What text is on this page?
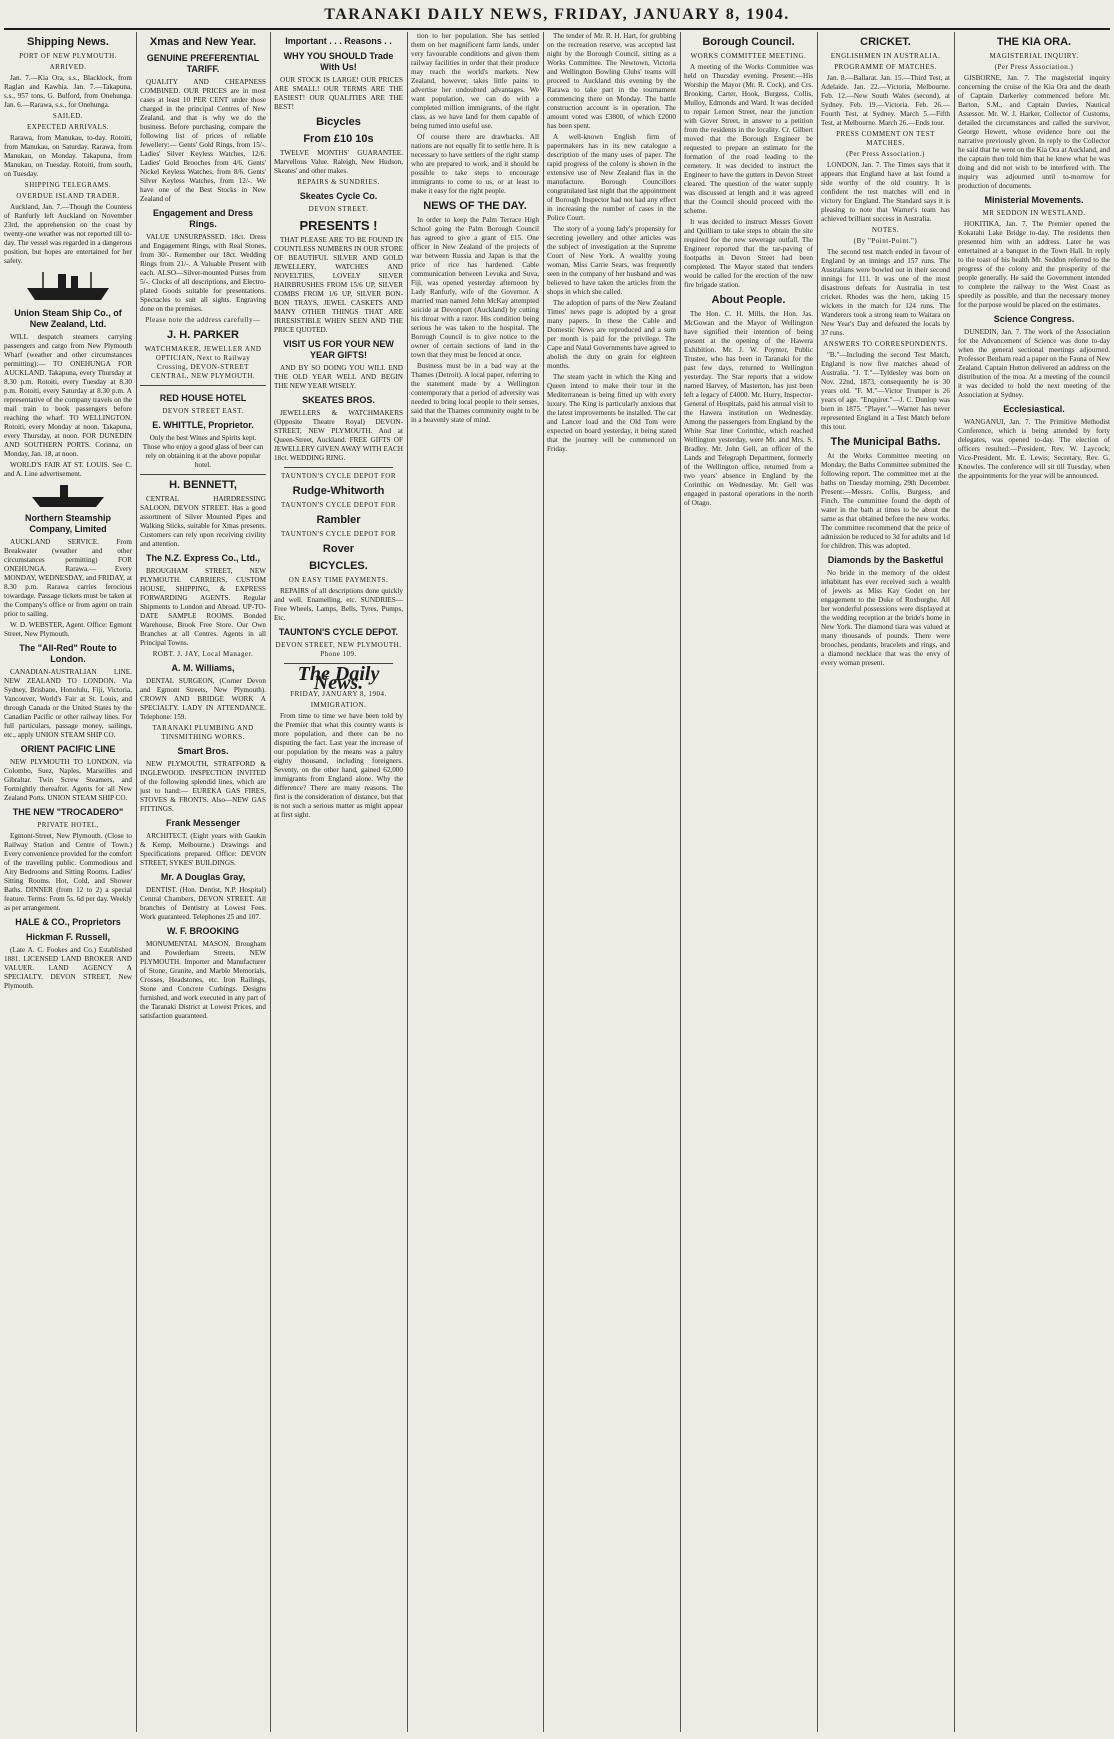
TARANAKI DAILY NEWS, FRIDAY, JANUARY 8, 1904.
Shipping News.
PORT OF NEW PLYMOUTH.
ARRIVED.

Jan. 7.—Kia Ora, s.s., Blacklock, from Raglan and Kawhia. Jan. 7.—Takapuna, s.s., 957 tons, G. Bulford, from Onehunga. Jan. 6.—Rarawa, s.s., for Onehunga.

SAILED.
EXPECTED ARRIVALS.

Rarawa, from Manukau, to-day. Rotoiti, from Manukau, on Saturday. Rarawa, from Manukau, on Monday. Takapuna, from Manukau, on Tuesday. Rotoiti, from south, on Tuesday.

SHIPPING TELEGRAMS.
OVERDUE ISLAND TRADER.

Auckland, Jan. 7.—Though the Countess of Ranfurly left Auckland on November 23rd, the apprehension on the coast by twenty-one weather was not reported till to-day. The vessel was regarded in a dangerous position, but hopes are entertained for her safety.

Union Steam Ship Co., of New Zealand, Ltd.

WILL despatch steamers carrying passengers and cargo from New Plymouth Wharf (weather and other circumstances permitting):— TO ONEHUNGA FOR AUCKLAND. Takapuna, every Thursday at 8.30 p.m. Rotoiti, every Tuesday at 8.30 p.m. Rotoiti, every Saturday at 8.30 p.m. A representative of the company travels on the mail train to book passengers before reaching the wharf. TO WELLINGTON. Rotoiti, every Monday at noon. Takapuna, every Thursday, at noon. FOR DUNEDIN AND SOUTHERN PORTS. Corinna, on Monday, Jan. 18, at noon.

WORLD'S FAIR AT ST. LOUIS. See C. and A. Line advertisement.

Northern Steamship Company, Limited

AUCKLAND SERVICE. From Breakwater (weather and other circumstances permitting) FOR ONEHUNGA. Rarawa.— Every MONDAY, WEDNESDAY, and FRIDAY, at 8.30 p.m. Rarawa carries ferocious towardage. Passage tickets must be taken at the Company's office or from agent on train prior to sailing.

W. D. WEBSTER, Agent. Office: Egmont Street, New Plymouth.

The "All-Red" Route to London.

CANADIAN-AUSTRALIAN LINE. NEW ZEALAND TO LONDON. Via Sydney, Brisbane, Honolulu, Fiji, Victoria, Vancouver, World's Fair at St. Louis, and through Canada or the United States by the Canadian Pacific or other railway lines. For full particulars, passage money, sailings, etc., apply UNION STEAM SHIP CO.

ORIENT PACIFIC LINE

NEW PLYMOUTH TO LONDON, via Colombo, Suez, Naples, Marseilles and Gibraltar. Twin Screw Steamers, and Fortnightly thereafter. Agents for all New Zealand Ports. UNION STEAM SHIP CO.

THE NEW "TROCADERO"
PRIVATE HOTEL,

Egmont-Street, New Plymouth. (Close to Railway Station and Centre of Town.) Every convenience provided for the comfort of the travelling public. Commodious and Airy Bedrooms and Sitting Rooms. Ladies' Sitting Rooms. Hot, Cold, and Shower Baths. DINNER (from 12 to 2) a special feature. Terms: From 5s. 6d per day. Weekly as per arrangement.

HALE & CO., Proprietors
Hickman F. Russell,

(Late A. C. Fookes and Co.) Established 1881. LICENSED LAND BROKER AND VALUER. LAND AGENCY A SPECIALTY. DEVON STREET, New Plymouth.

Xmas and New Year.
GENUINE PREFERENTIAL TARIFF.

QUALITY AND CHEAPNESS COMBINED. OUR PRICES are in most cases at least 10 PER CENT under those charged in the principal Centres of New Zealand, and that is why we do the business. Before purchasing, compare the following list of prices of reliable Jewellery:— Gents' Gold Rings, from 15/-. Ladies' Silver Keyless Watches, 12/6. Ladies' Gold Brooches from 4/6. Gents' Nickel Keyless Watches, from 8/6. Gents' Silver Keyless Watches, from 12/-. We have one of the Best Stocks in New Zealand of

Engagement and Dress Rings.

VALUE UNSURPASSED. 18ct. Dress and Engagement Rings, with Real Stones, from 30/-. Remember our 18ct. Wedding Rings from 21/-. A Valuable Present with each. ALSO—Silver-mounted Purses from 5/-. Clocks of all descriptions, and Electro-plated Goods suitable for presentations. Spectacles to suit all sights. Engraving done on the premises.

Please note the address carefully—
J. H. PARKER
WATCHMAKER, JEWELLER AND OPTICIAN, Next to Railway Crossing, DEVON-STREET CENTRAL, NEW PLYMOUTH.
RED HOUSE HOTEL
DEVON STREET EAST.
E. WHITTLE, Proprietor.
Only the best Wines and Spirits kept. Those who enjoy a good glass of beer can rely on obtaining it at the above popular hotel.
H. BENNETT,

CENTRAL HAIRDRESSING SALOON, DEVON STREET. Has a good assortment of Silver Mounted Pipes and Walking Sticks, suitable for Xmas presents. Customers can rely upon receiving civility and attention.

The N.Z. Express Co., Ltd.,

BROUGHAM STREET, NEW PLYMOUTH. CARRIERS, CUSTOM HOUSE, SHIPPING, & EXPRESS FORWARDING AGENTS. Regular Shipments to London and Abroad. UP-TO-DATE SAMPLE ROOMS. Bonded Warehouse, Brook Free Store. Our Own Branches at all Centres. Agents in all Principal Towns.

ROBT. J. JAY, Local Manager.
A. M. Williams,

DENTAL SURGEON, (Corner Devon and Egmont Streets, New Plymouth). CROWN AND BRIDGE WORK A SPECIALTY. LADY IN ATTENDANCE. Telephone: 159.

TARANAKI PLUMBING AND TINSMITHING WORKS.
Smart Bros.

NEW PLYMOUTH, STRATFORD & INGLEWOOD. INSPECTION INVITED of the following splendid lines, which are just to hand:— EUREKA GAS FIRES, STOVES & FRONTS. Also—NEW GAS FITTINGS.

Frank Messenger

ARCHITECT. (Eight years with Gaukin & Kemp, Melbourne.) Drawings and Specifications prepared. Office: DEVON STREET, SYKES' BUILDINGS.

Mr. A Douglas Gray,

DENTIST. (Hon. Dentist, N.P. Hospital) Central Chambers, DEVON STREET. All branches of Dentistry at Lowest Fees. Work guaranteed. Telephones 25 and 107.

W. F. BROOKING

MONUMENTAL MASON, Brougham and Powderham Streets, NEW PLYMOUTH. Importer and Manufacturer of Stone, Granite, and Marble Memorials, Crosses, Headstones, etc. Iron Railings, Stone and Concrete Curbings. Designs furnished, and work executed in any part of the Taranaki District at Lowest Prices, and satisfaction guaranteed.

Important . . . Reasons . .
WHY YOU SHOULD Trade With Us!

OUR STOCK IS LARGE! OUR PRICES ARE SMALL! OUR TERMS ARE THE EASIEST! OUR QUALITIES ARE THE BEST!

Bicycles
From £10 10s

TWELVE MONTHS' GUARANTEE. Marvellous Value. Raleigh, New Hudson, Skeates' and other makes.

REPAIRS & SUNDRIES.
Skeates Cycle Co.
DEVON STREET.
PRESENTS !

THAT PLEASE ARE TO BE FOUND IN COUNTLESS NUMBERS IN OUR STORE OF BEAUTIFUL SILVER AND GOLD JEWELLERY, WATCHES AND NOVELTIES, LOVELY SILVER HAIRBRUSHES FROM 15/6 UP, SILVER COMBS FROM 1/6 UP, SILVER BON-BON TRAYS, JEWEL CASKETS AND MANY OTHER THINGS THAT ARE IRRESISTIBLE WHEN SEEN AND THE PRICE QUOTED.

VISIT US FOR YOUR NEW YEAR GIFTS!

AND BY SO DOING YOU WILL END THE OLD YEAR WELL AND BEGIN THE NEW YEAR WISELY.

SKEATES BROS.

JEWELLERS & WATCHMAKERS (Opposite Theatre Royal) DEVON-STREET, NEW PLYMOUTH. And at Queen-Street, Auckland. FREE GIFTS OF JEWELLERY GIVEN AWAY WITH EACH 18ct. WEDDING RING.

TAUNTON'S CYCLE DEPOT FOR
Rudge-Whitworth
TAUNTON'S CYCLE DEPOT FOR
Rambler
TAUNTON'S CYCLE DEPOT FOR
Rover
BICYCLES.
ON EASY TIME PAYMENTS.

REPAIRS of all descriptions done quickly and well. Enamelling, etc. SUNDRIES—Free Wheels, Lamps, Bells, Tyres, Pumps, Etc.

TAUNTON'S CYCLE DEPOT.
DEVON STREET, NEW PLYMOUTH. Phone 109.
The Daily News.
FRIDAY, JANUARY 8, 1904.
IMMIGRATION.

From time to time we have been told by the Premier that what this country wants is more population, and there can be no disputing the fact. Last year the increase of our population by the means was a paltry eighty thousand, including foreigners. Seventy, on the other hand, gained 62,000 immigrants from England alone. Why the difference? There are many reasons. The first is the consideration of distance, but that is not such a serious matter as might appear at first sight.

tion to her population. She has settled them on her magnificent farm lands, under very favourable conditions and given them railway facilities in order that their produce may reach the world's markets. New Zealand, however, takes little pains to advertise her undoubted advantages. We want population, we can do with a completed million immigrants, of the right class, as we have land for them capable of being turned into useful use.

Of course there are drawbacks. All nations are not equally fit to settle here. It is necessary to have settlers of the right stamp who are prepared to work, and it should be possible to take steps to encourage immigrants to come to us, or at least to make it easy for the right people.

NEWS OF THE DAY.

In order to keep the Palm Terrace High School going the Palm Borough Council has agreed to give a grant of £15. One officer in New Zealand of the projects of war between Russia and Japan is that the price of rice has hardened. Cable communication between Levuka and Suva, Fiji, was opened yesterday afternoon by Lady Ranfurly, wife of the Governor. A married man named John McKay attempted suicide at Devonport (Auckland) by cutting his throat with a razor. His condition being serious he was taken to the hospital. The Borough Council is to give notice to the owner of certain sections of land in the town that they must be fenced at once.

Business must be in a bad way at the Thames (Detroit). A local paper, referring to the statement made by a Wellington contemporary that a period of adversity was needed to bring local people to their senses, said that the Thames community ought to be in a heavenly state of mind.

The tender of Mr. R. H. Hart, for grubbing on the recreation reserve, was accepted last night by the Borough Council, sitting as a Works Committee. The Newtown, Victoria and Wellington Bowling Clubs' teams will proceed to Auckland this evening by the Rarawa to take part in the tournament commencing there on Monday. The battle construction account is in operation. The amount voted was £3800, of which £2000 has been spent.

A well-known English firm of papermakers has in its new catalogue a description of the many uses of paper. The rapid progress of the colony is shown in the extensive use of New Zealand flax in the manufacture. Borough Councillors congratulated last night that the appointment of Borough Inspector had not had any effect in increasing the number of cases in the Police Court.

The story of a young lady's propensity for secreting jewellery and other articles was the subject of investigation at the Supreme Court of New York. A wealthy young woman, Miss Carrie Sears, was frequently seen in the company of her husband and was believed to have taken the articles from the shops in which she called.

The adoption of parts of the New Zealand Times' news page is adopted by a great many papers. In these the Cable and Domestic News are reproduced and a sum per month is paid for the privilege. The Cape and Natal Governments have agreed to abolish the duty on grain for eighteen months.

The steam yacht in which the King and Queen intend to make their tour in the Mediterranean is being fitted up with every luxury. The King is particularly anxious that the latest improvements be installed. The car and Lancer load and the Old Tom were expected on board yesterday, it being stated that the journey will be commenced on Friday.

Borough Council.
WORKS COMMITTEE MEETING.

A meeting of the Works Committee was held on Thursday evening. Present:—His Worship the Mayor (Mr. R. Cock), and Crs. Brooking, Carter, Hook, Burgess, Collis, Mulloy, Edmonds and Ward. It was decided to repair Lemon Street, near the junction with Gover Street, in answer to a petition from the residents in the locality. Cr. Gilbert moved that the Borough Engineer be requested to prepare an estimate for the formation of the road leading to the cemetery. It was decided to instruct the Engineer to have the gutters in Devon Street cleared. The question of the water supply was discussed at length and it was agreed that the Council should proceed with the scheme.

It was decided to instruct Messrs Govett and Quilliam to take steps to obtain the site required for the new sewerage outfall. The Engineer reported that the tar-paving of footpaths in Devon Street had been completed. The Mayor stated that tenders would be called for the erection of the new fire brigade station.

About People.

The Hon. C. H. Mills, the Hon. Jas. McGowan and the Mayor of Wellington have signified their intention of being present at the opening of the Hawera Exhibition. Mr. J. W. Poynter, Public Trustee, who has been in Taranaki for the past few days, returned to Wellington yesterday. The Star reports that a widow named Harvey, of Masterton, has just been left a legacy of £4000. Mr. Hurry, Inspector-General of Hospitals, paid his annual visit to the Hawera institution on Wednesday. Among the passengers from England by the White Star liner Corinthic, which reached Wellington yesterday, were Mr. and Mrs. S. Bradley. Mr. John Gell, an officer of the Lands and Telegraph Department, formerly of the Wellington office, returned from a two years' absence in England by the Corinthic on Wednesday. Mr. Gell was engaged in pastoral operations in the north of Otago.

CRICKET.
ENGLISHMEN IN AUSTRALIA.
PROGRAMME OF MATCHES.

Jan. 8.—Ballarat. Jan. 15.—Third Test, at Adelaide. Jan. 22.—Victoria, Melbourne. Feb. 12.—New South Wales (second), at Sydney. Feb. 19.—Victoria. Feb. 26.—Fourth Test, at Sydney. March 5.—Fifth Test, at Melbourne. March 26.—Ends tour.

PRESS COMMENT ON TEST MATCHES.
(Per Press Association.)

LONDON, Jan. 7. The Times says that it appears that England have at last found a side worthy of the old country. It is confident the test matches will end in victory for England. The Standard says it is pleasing to note that Warner's team has achieved brilliant success in Australia.

NOTES.
(By "Point-Point.")

The second test match ended in favour of England by an innings and 157 runs. The Australians were bowled out in their second innings for 111. It was one of the most disastrous defeats for Australia in test cricket. Rhodes was the hero, taking 15 wickets in the match for 124 runs. The Wanderers took a strong team to Waitara on New Year's Day and defeated the locals by 37 runs.

ANSWERS TO CORRESPONDENTS.

"B."—Including the second Test Match, England is now five matches ahead of Australia. "J. T."—Tyldesley was born on Nov. 22nd, 1873, consequently he is 30 years old. "F. M."—Victor Trumper is 26 years of age. "Enquirer."—J. C. Dunlop was born in 1875. "Player."—Warner has never represented England in a Test Match before this tour.

The Municipal Baths.

At the Works Committee meeting on Monday, the Baths Committee submitted the following report. The committee met at the baths on Tuesday morning, 29th December. Present:—Messrs. Collis, Burgess, and Finch. The committee found the depth of water in the bath at times to be about the same as that obtained before the new works. The committee recommend that the price of admission be reduced to 3d for adults and 1d for children. This was adopted.

Diamonds by the Basketful

No bride in the memory of the oldest inhabitant has ever received such a wealth of jewels as Miss Kay Godet on her engagement to the Duke of Roxburghe. All her wonderful possessions were displayed at the wedding reception at the bride's home in New York. The diamond tiara was valued at many thousands of pounds. There were brooches, pendants, bracelets and rings, and a diamond necklace that was the envy of every woman present.

THE KIA ORA.
MAGISTERIAL INQUIRY.
(Per Press Association.)

GISBORNE, Jan. 7. The magisterial inquiry concerning the cruise of the Kia Ora and the death of Captain Darkerley commenced before Mr. Barton, S.M., and Captain Davies, Nautical Assessor. Mr. W. J. Harker, Collector of Customs, detailed the circumstances and called the survivor, George Hewett, whose evidence bore out the narrative previously given. In reply to the Collector he said that he went on the Kia Ora at Auckland, and the captain then told him that he knew what he was doing and did not wish to be interfered with. The inquiry was adjourned until to-morrow for production of documents.

Ministerial Movements.
MR SEDDON IN WESTLAND.

HOKITIKA, Jan. 7. The Premier opened the Kokatahi Lake Bridge to-day. The residents then presented him with an address. Later he was entertained at a banquet in the Town Hall. In reply to the toast of his health Mr. Seddon referred to the progress of the colony and the prosperity of the people generally. He said the Government intended to complete the railway to the West Coast as speedily as possible, and that the necessary money for the purpose would be placed on the estimates.

Science Congress.

DUNEDIN, Jan. 7. The work of the Association for the Advancement of Science was done to-day when the general sectional meetings adjourned. Professor Benham read a paper on the Fauna of New Zealand. Captain Hutton delivered an address on the distribution of the moa. At a meeting of the council it was decided to hold the next meeting of the Association at Sydney.

Ecclesiastical.

WANGANUI, Jan. 7. The Primitive Methodist Conference, which is being attended by forty delegates, was opened to-day. The election of officers resulted:—President, Rev. W. Laycock; Vice-President, Mr. E. Lewis; Secretary, Rev. G. Knowles. The conference will sit till Tuesday, when the appointments for the year will be announced.
